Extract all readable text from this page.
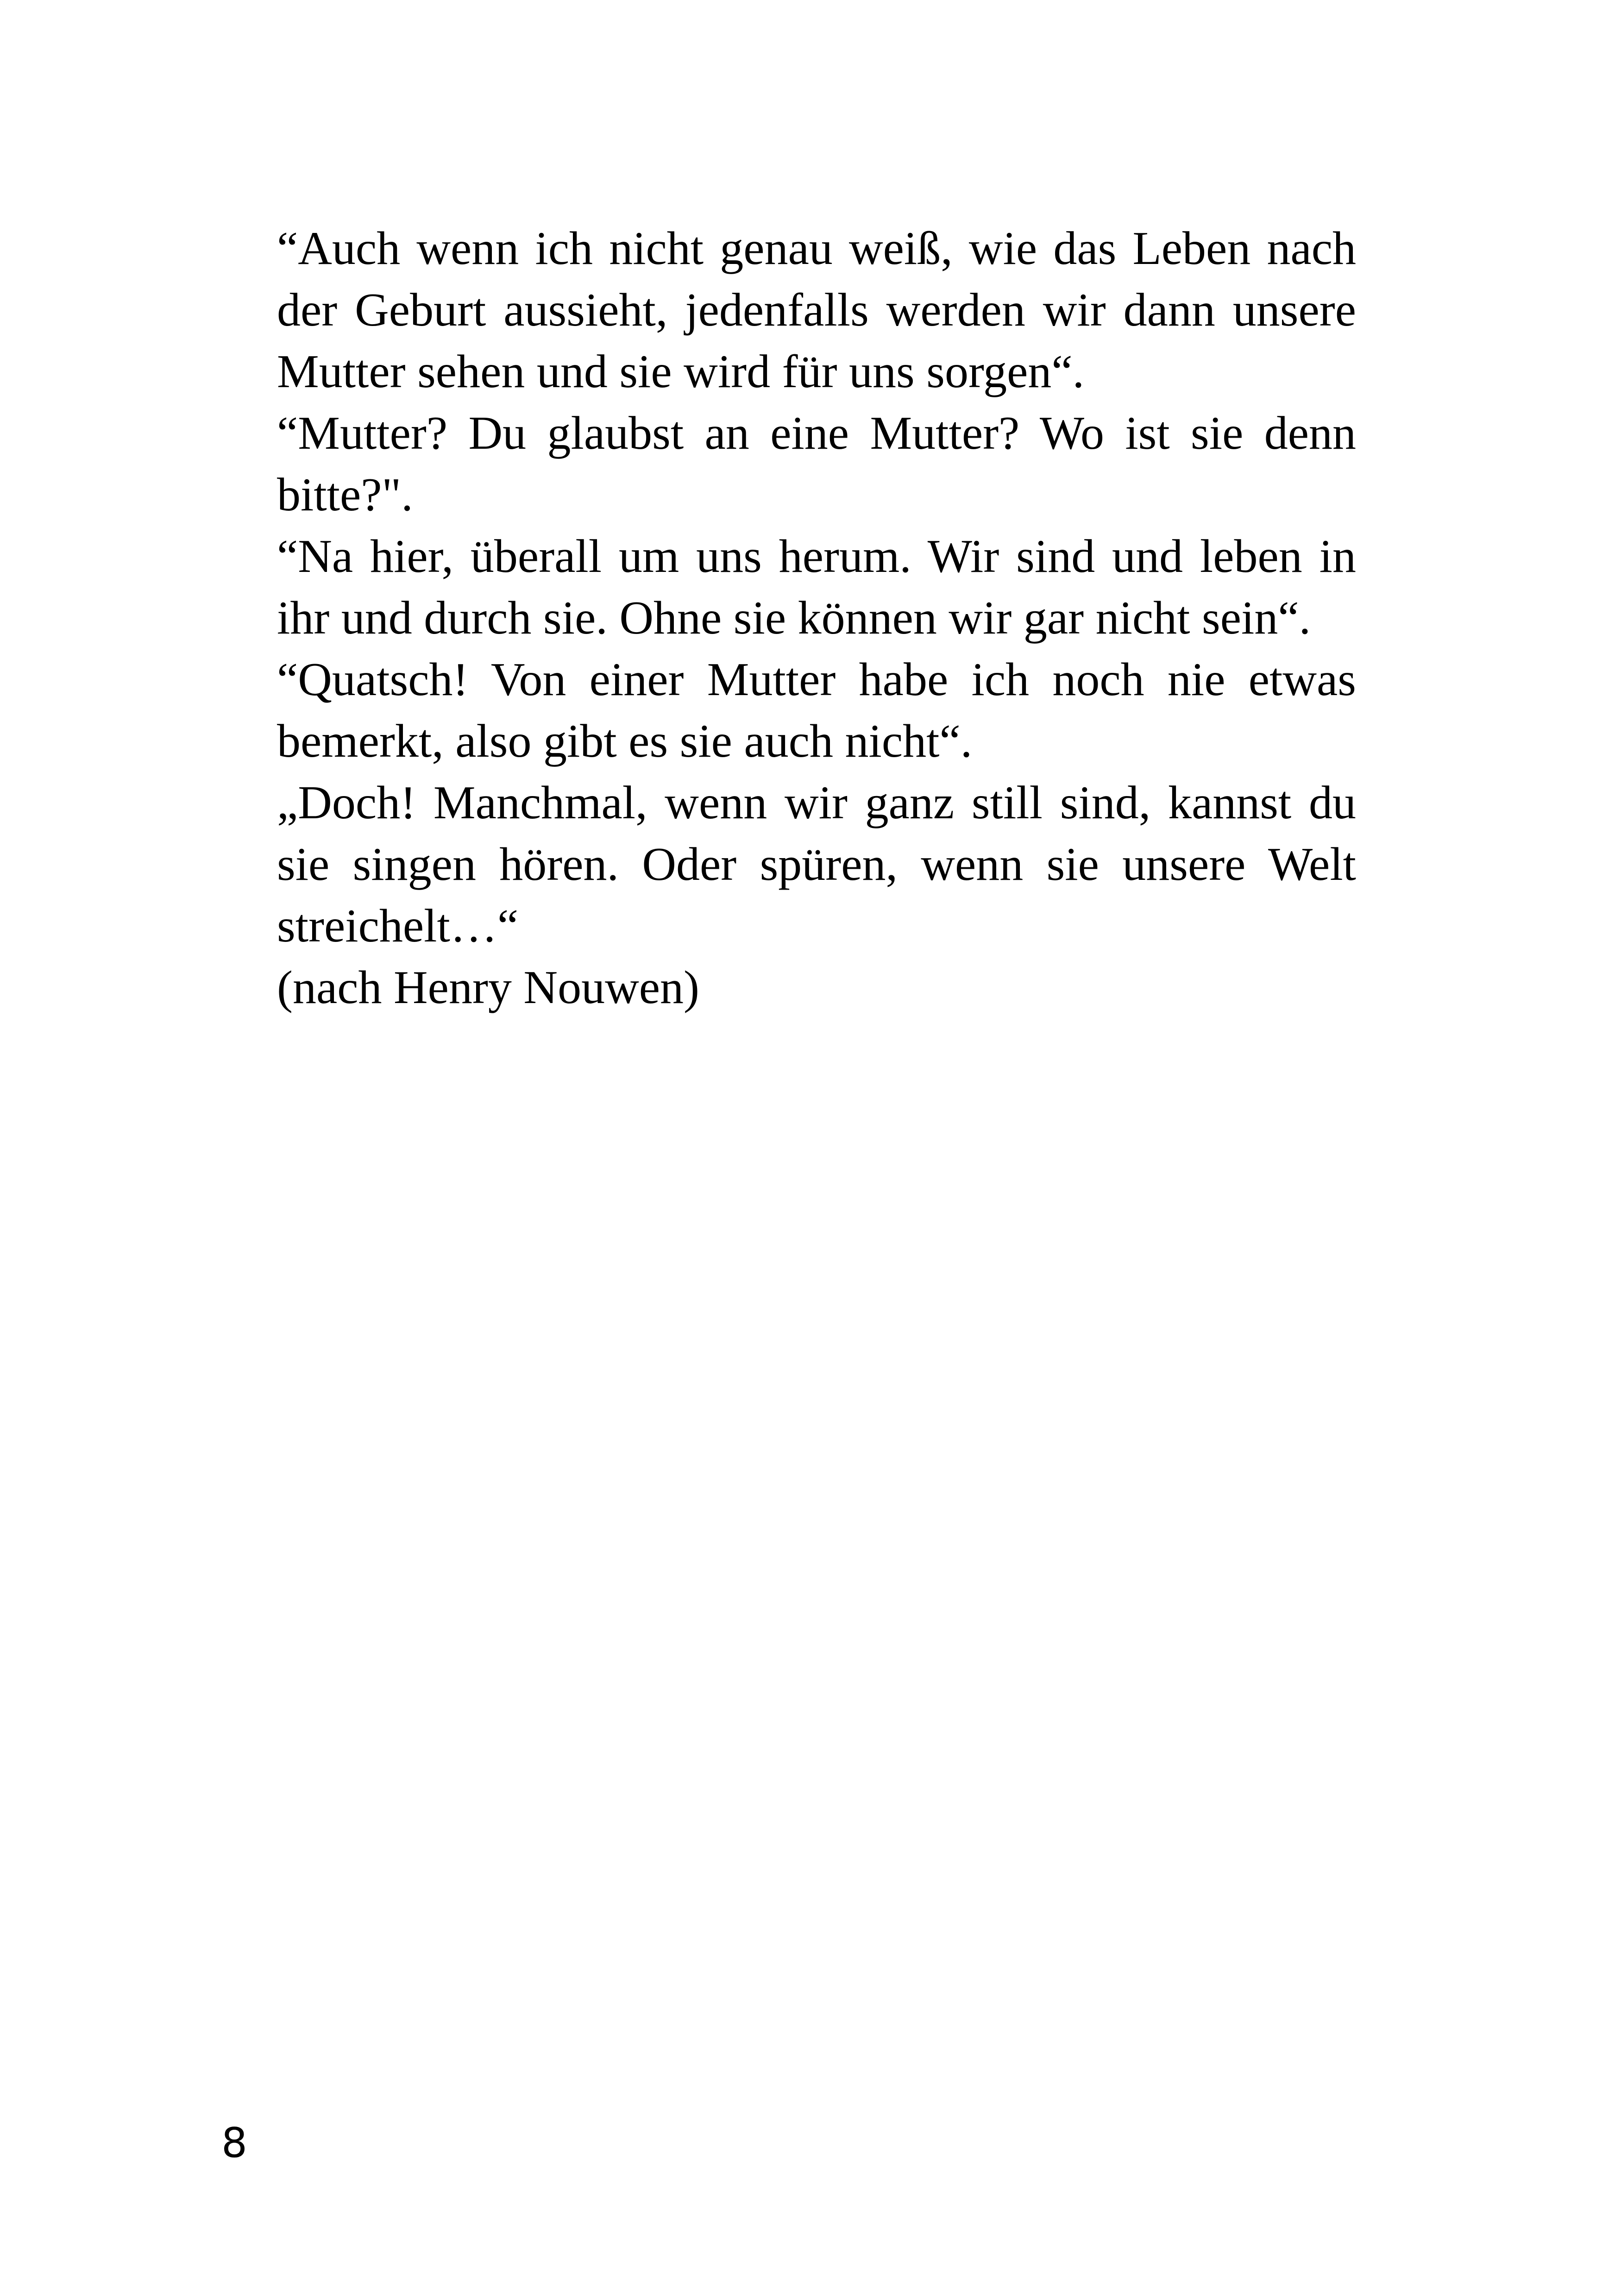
“Auch wenn ich nicht genau weiß, wie das Leben nach der Geburt aussieht, jedenfalls werden wir dann unsere Mutter sehen und sie wird für uns sorgen“.

“Mutter? Du glaubst an eine Mutter? Wo ist sie denn bitte?".

“Na hier, überall um uns herum. Wir sind und leben in ihr und durch sie. Ohne sie können wir gar nicht sein“.

“Quatsch! Von einer Mutter habe ich noch nie etwas bemerkt, also gibt es sie auch nicht“.

„Doch! Manchmal, wenn wir ganz still sind, kannst du sie singen hören. Oder spüren, wenn sie unsere Welt streichelt…“

(nach Henry Nouwen)

8
